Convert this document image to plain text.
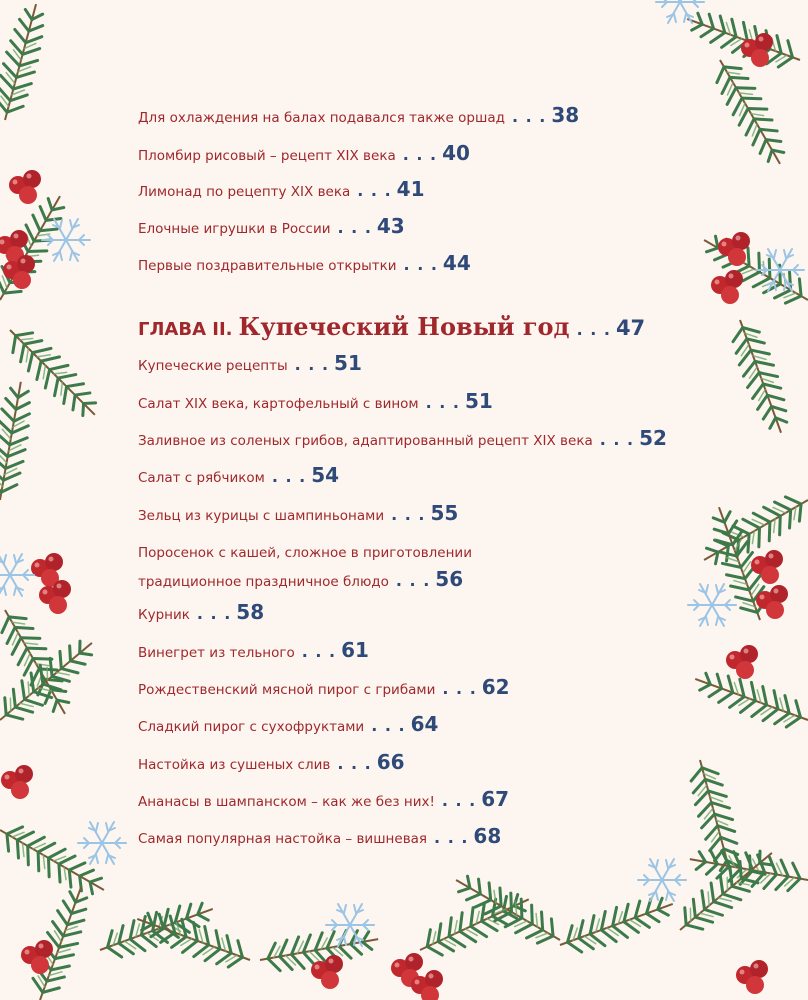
Для охлаждения на балах подавался также оршад . . . 38
Пломбир рисовый – рецепт XIX века . . . 40
Лимонад по рецепту XIX века . . . 41
Елочные игрушки в России . . . 43
Первые поздравительные открытки . . . 44
ГЛАВА II. Купеческий Новый год . . . 47
Купеческие рецепты . . . 51
Салат XIX века, картофельный с вином . . . 51
Заливное из соленых грибов, адаптированный рецепт XIX века . . . 52
Салат с рябчиком . . . 54
Зельц из курицы с шампиньонами . . . 55
Поросенок с кашей, сложное в приготовлении
традиционное праздничное блюдо . . . 56
Курник . . . 58
Винегрет из тельного . . . 61
Рождественский мясной пирог с грибами . . . 62
Сладкий пирог с сухофруктами . . . 64
Настойка из сушеных слив . . . 66
Ананасы в шампанском – как же без них! . . . 67
Самая популярная настойка – вишневая . . . 68
